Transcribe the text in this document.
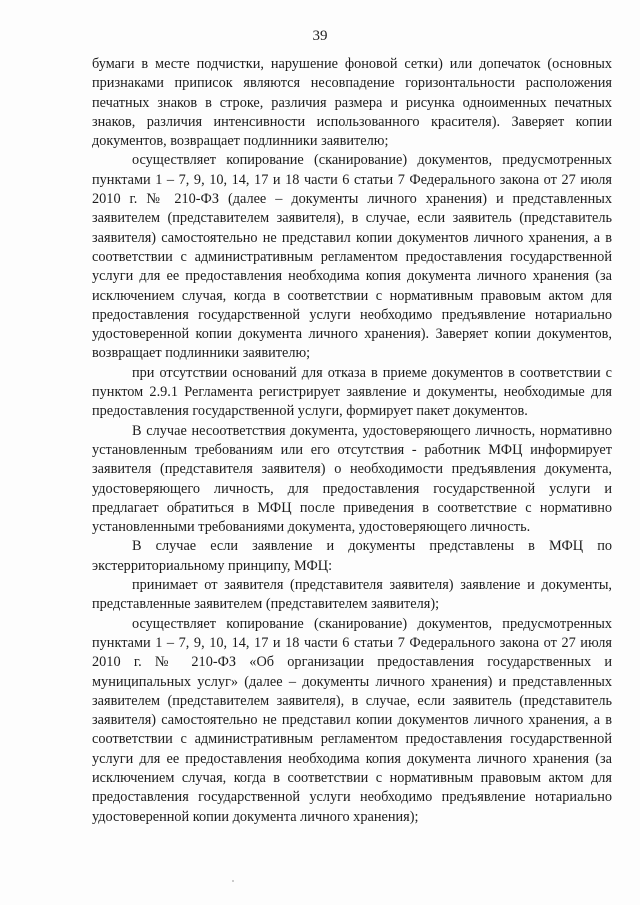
39

бумаги в месте подчистки, нарушение фоновой сетки) или допечаток (основных признаками приписок являются несовпадение горизонтальности расположения печатных знаков в строке, различия размера и рисунка одноименных печатных знаков, различия интенсивности использованного красителя). Заверяет копии документов, возвращает подлинники заявителю;

осуществляет копирование (сканирование) документов, предусмотренных пунктами 1 – 7, 9, 10, 14, 17 и 18 части 6 статьи 7 Федерального закона от 27 июля 2010 г. № 210-ФЗ (далее – документы личного хранения) и представленных заявителем (представителем заявителя), в случае, если заявитель (представитель заявителя) самостоятельно не представил копии документов личного хранения, а в соответствии с административным регламентом предоставления государственной услуги для ее предоставления необходима копия документа личного хранения (за исключением случая, когда в соответствии с нормативным правовым актом для предоставления государственной услуги необходимо предъявление нотариально удостоверенной копии документа личного хранения). Заверяет копии документов, возвращает подлинники заявителю;

при отсутствии оснований для отказа в приеме документов в соответствии с пунктом 2.9.1 Регламента регистрирует заявление и документы, необходимые для предоставления государственной услуги, формирует пакет документов.

В случае несоответствия документа, удостоверяющего личность, нормативно установленным требованиям или его отсутствия - работник МФЦ информирует заявителя (представителя заявителя) о необходимости предъявления документа, удостоверяющего личность, для предоставления государственной услуги и предлагает обратиться в МФЦ после приведения в соответствие с нормативно установленными требованиями документа, удостоверяющего личность.

В случае если заявление и документы представлены в МФЦ по экстерриториальному принципу, МФЦ:

принимает от заявителя (представителя заявителя) заявление и документы, представленные заявителем (представителем заявителя);

осуществляет копирование (сканирование) документов, предусмотренных пунктами 1 – 7, 9, 10, 14, 17 и 18 части 6 статьи 7 Федерального закона от 27 июля 2010 г. № 210-ФЗ «Об организации предоставления государственных и муниципальных услуг» (далее – документы личного хранения) и представленных заявителем (представителем заявителя), в случае, если заявитель (представитель заявителя) самостоятельно не представил копии документов личного хранения, а в соответствии с административным регламентом предоставления государственной услуги для ее предоставления необходима копия документа личного хранения (за исключением случая, когда в соответствии с нормативным правовым актом для предоставления государственной услуги необходимо предъявление нотариально удостоверенной копии документа личного хранения);
